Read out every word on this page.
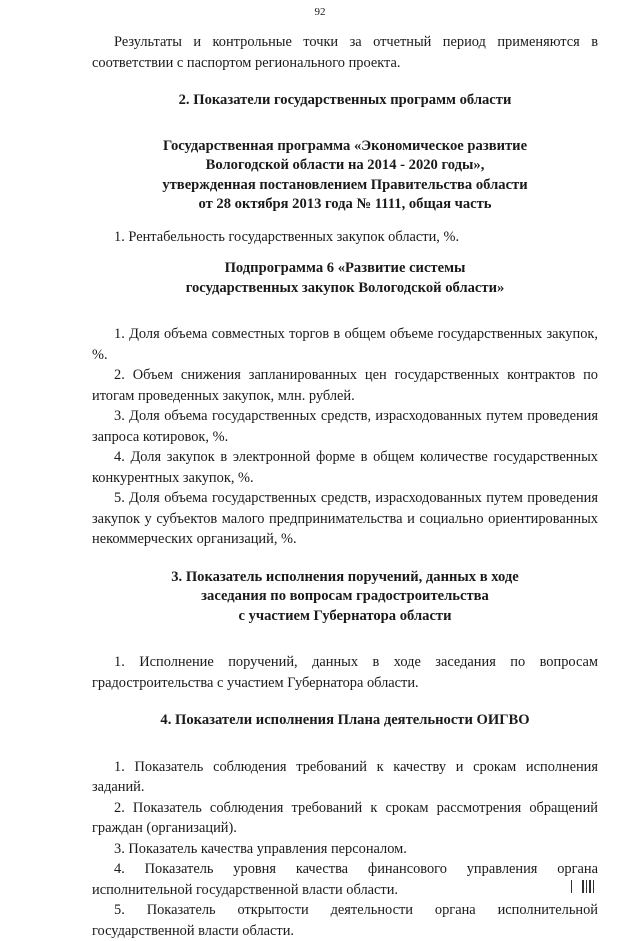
92

Результаты и контрольные точки за отчетный период применяются в соответствии с паспортом регионального проекта.

2. Показатели государственных программ области

Государственная программа «Экономическое развитие

Вологодской области на 2014 - 2020 годы»,

утвержденная постановлением Правительства области

от 28 октября 2013 года № 1111, общая часть

1. Рентабельность государственных закупок области, %.

Подпрограмма 6 «Развитие системы

государственных закупок Вологодской области»

1. Доля объема совместных торгов в общем объеме государственных закупок, %.

2. Объем снижения запланированных цен государственных контрактов по итогам проведенных закупок, млн. рублей.

3. Доля объема государственных средств, израсходованных путем проведения запроса котировок, %.

4. Доля закупок в электронной форме в общем количестве государственных конкурентных закупок, %.

5. Доля объема государственных средств, израсходованных путем проведения закупок у субъектов малого предпринимательства и социально ориентированных некоммерческих организаций, %.

3. Показатель исполнения поручений, данных в ходе

заседания по вопросам градостроительства

с участием Губернатора области

1. Исполнение поручений, данных в ходе заседания по вопросам градостроительства с участием Губернатора области.

4. Показатели исполнения Плана деятельности ОИГВО

1. Показатель соблюдения требований к качеству и срокам исполнения заданий.

2. Показатель соблюдения требований к срокам рассмотрения обращений граждан (организаций).

3. Показатель качества управления персоналом.

4. Показатель уровня качества финансового управления органа исполнительной государственной власти области.

5. Показатель открытости деятельности органа исполнительной государственной власти области.
